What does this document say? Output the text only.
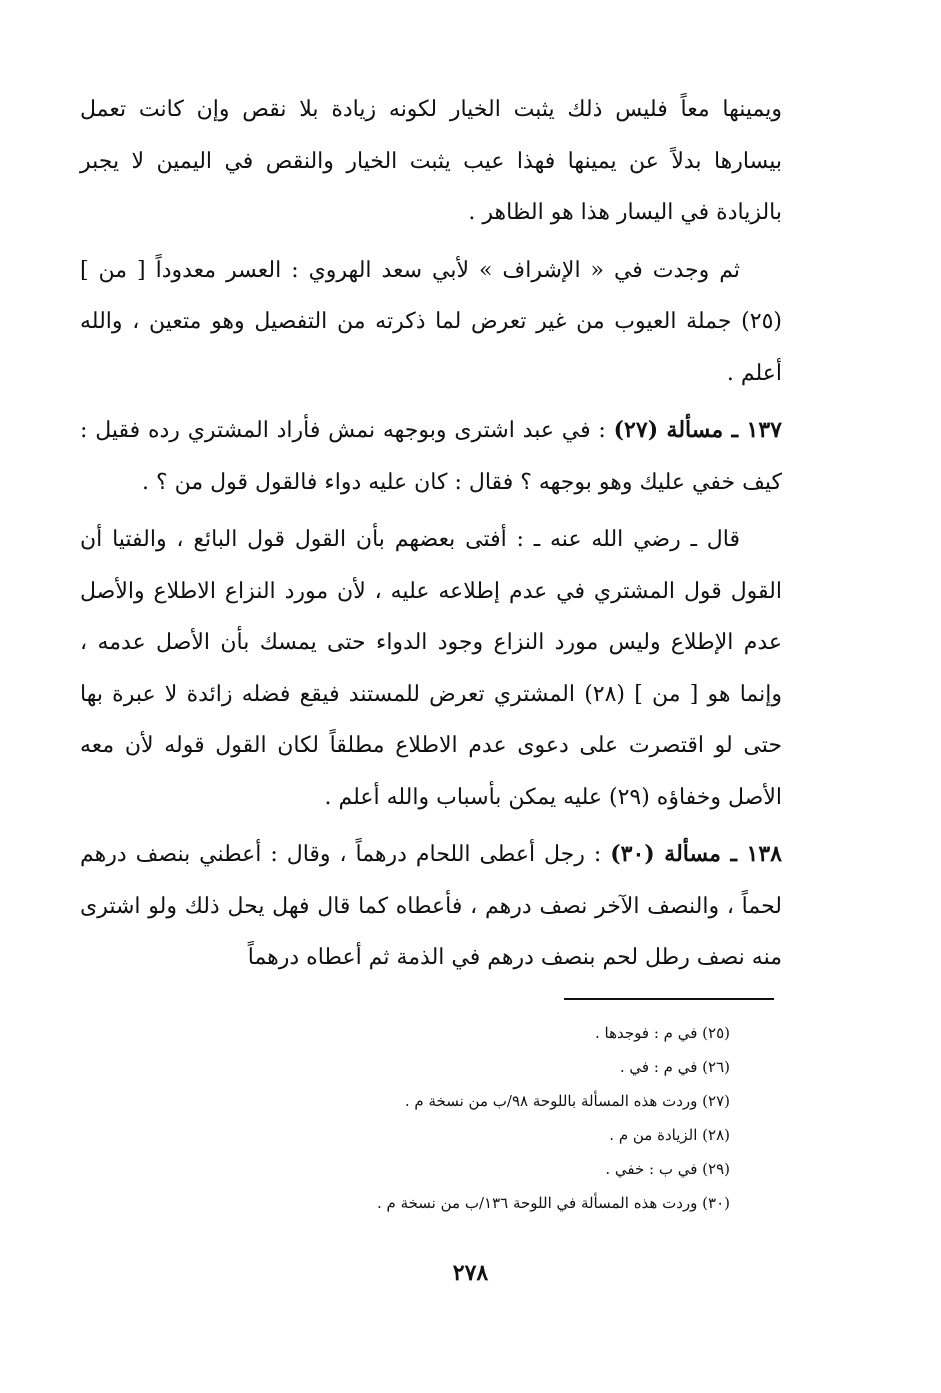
ويمينها معاً فليس ذلك يثبت الخيار لكونه زيادة بلا نقص وإن كانت تعمل بيسارها بدلاً عن يمينها فهذا عيب يثبت الخيار والنقص في اليمين لا يجبر بالزيادة في اليسار هذا هو الظاهر .

ثم وجدت في « الإشراف » لأبي سعد الهروي : العسر معدوداً [ من ] (٢٥) جملة العيوب من غير تعرض لما ذكرته من التفصيل وهو متعين ، والله أعلم .

١٣٧ ـ مسألة (٢٧) : في عبد اشترى وبوجهه نمش فأراد المشتري رده فقيل : كيف خفي عليك وهو بوجهه ؟ فقال : كان عليه دواء فالقول قول من ؟ .

قال ـ رضي الله عنه ـ : أفتى بعضهم بأن القول قول البائع ، والفتيا أن القول قول المشتري في عدم إطلاعه عليه ، لأن مورد النزاع الاطلاع والأصل عدم الإطلاع وليس مورد النزاع وجود الدواء حتى يمسك بأن الأصل عدمه ، وإنما هو [ من ] (٢٨) المشتري تعرض للمستند فيقع فضله زائدة لا عبرة بها حتى لو اقتصرت على دعوى عدم الاطلاع مطلقاً لكان القول قوله لأن معه الأصل وخفاؤه (٢٩) عليه يمكن بأسباب والله أعلم .

١٣٨ ـ مسألة (٣٠) : رجل أعطى اللحام درهماً ، وقال : أعطني بنصف درهم لحماً ، والنصف الآخر نصف درهم ، فأعطاه كما قال فهل يحل ذلك ولو اشترى منه نصف رطل لحم بنصف درهم في الذمة ثم أعطاه درهماً

(٢٥) في م : فوجدها .

(٢٦) في م : في .

(٢٧) وردت هذه المسألة باللوحة ٩٨/ب من نسخة م .

(٢٨) الزيادة من م .

(٢٩) في ب : خفي .

(٣٠) وردت هذه المسألة في اللوحة ١٣٦/ب من نسخة م .

٢٧٨
